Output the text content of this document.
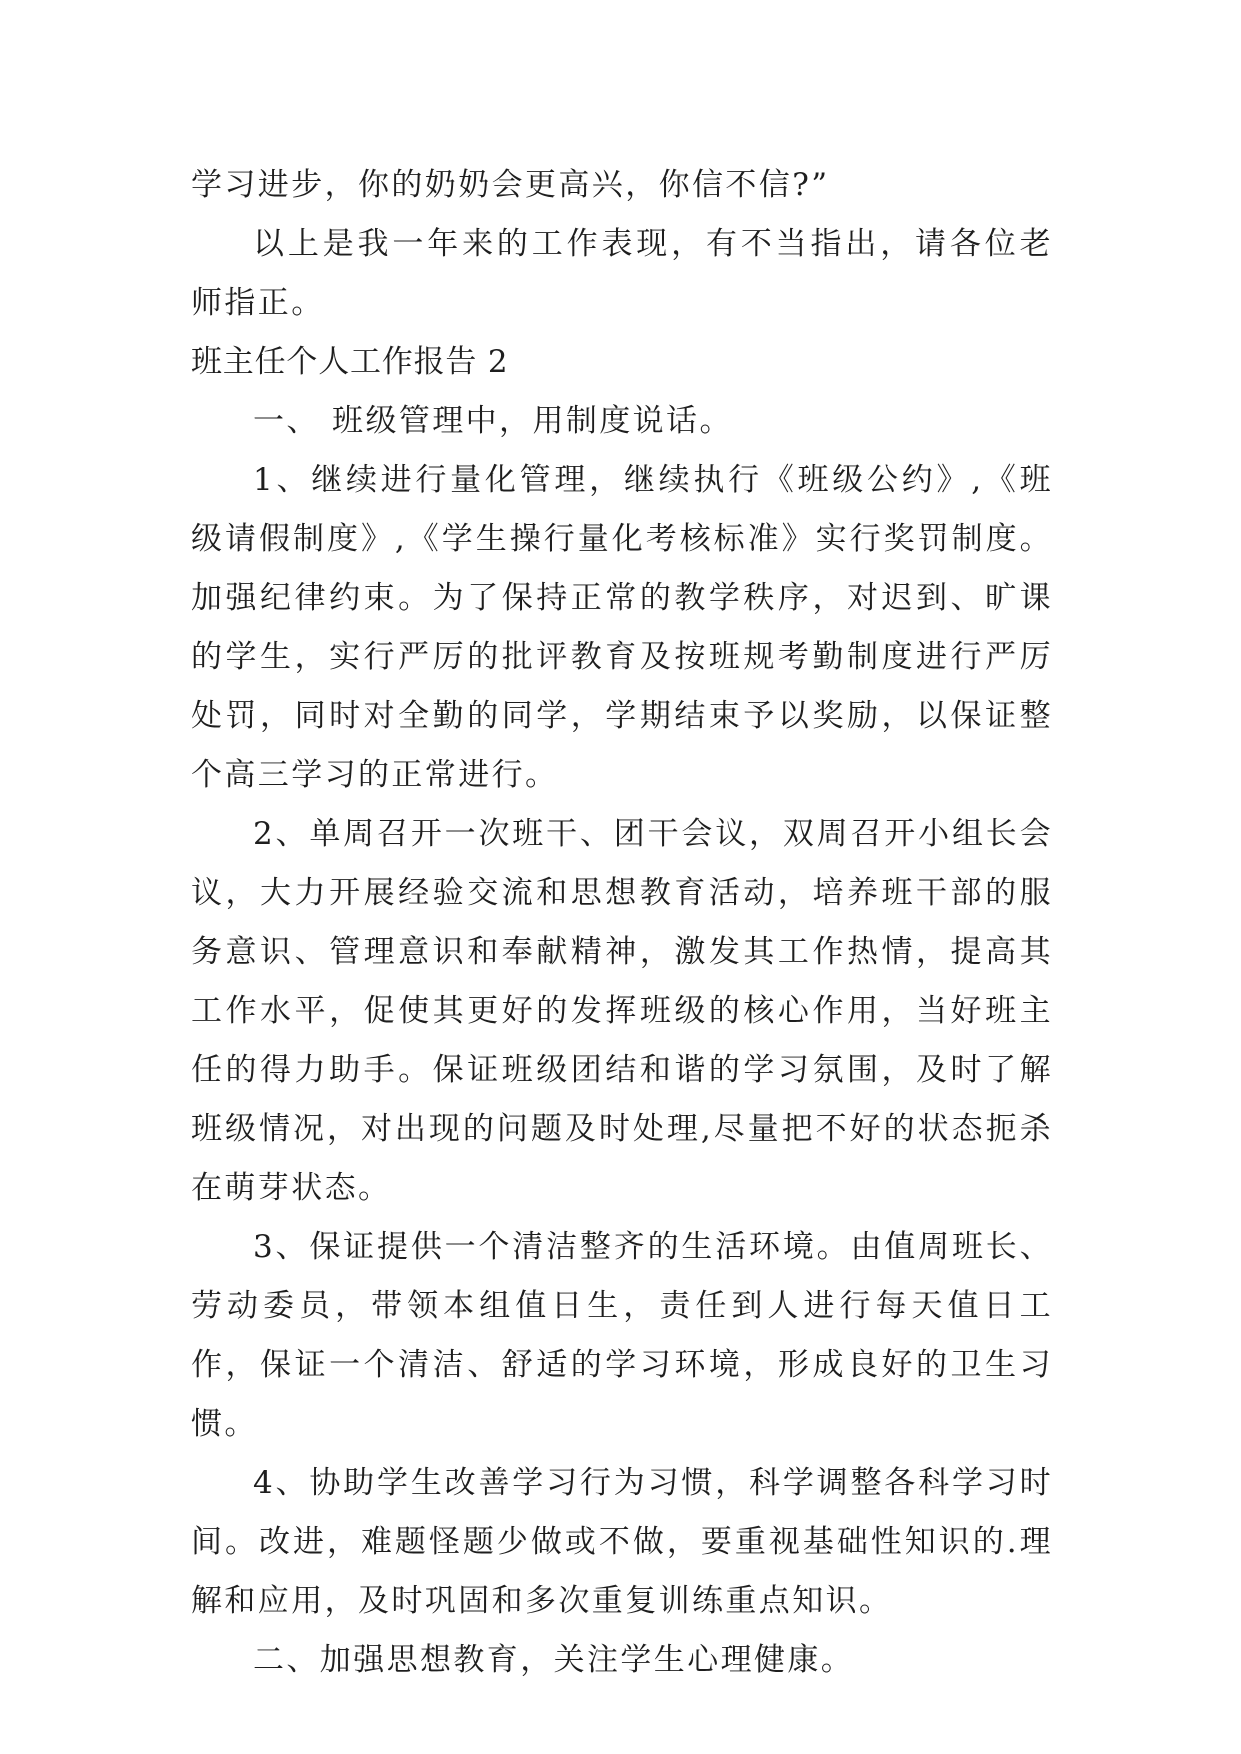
学习进步，你的奶奶会更高兴，你信不信?”

以上是我一年来的工作表现，有不当指出，请各位老师指正。

班主任个人工作报告 2

一、 班级管理中，用制度说话。

1、继续进行量化管理，继续执行《班级公约》,《班级请假制度》,《学生操行量化考核标准》实行奖罚制度。加强纪律约束。为了保持正常的教学秩序，对迟到、旷课的学生，实行严厉的批评教育及按班规考勤制度进行严厉处罚，同时对全勤的同学，学期结束予以奖励，以保证整个高三学习的正常进行。

2、单周召开一次班干、团干会议，双周召开小组长会议，大力开展经验交流和思想教育活动，培养班干部的服务意识、管理意识和奉献精神，激发其工作热情，提高其工作水平，促使其更好的发挥班级的核心作用，当好班主任的得力助手。保证班级团结和谐的学习氛围，及时了解班级情况，对出现的问题及时处理,尽量把不好的状态扼杀在萌芽状态。

3、保证提供一个清洁整齐的生活环境。由值周班长、劳动委员，带领本组值日生，责任到人进行每天值日工作，保证一个清洁、舒适的学习环境，形成良好的卫生习惯。

4、协助学生改善学习行为习惯，科学调整各科学习时间。改进，难题怪题少做或不做，要重视基础性知识的.理解和应用，及时巩固和多次重复训练重点知识。

二、加强思想教育，关注学生心理健康。
